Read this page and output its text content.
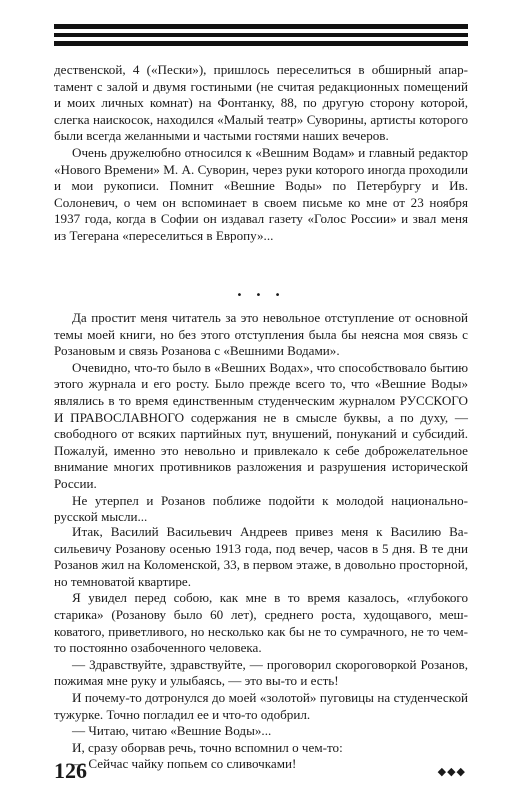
дественской, 4 («Пески»), пришлось переселиться в обширный апартамент с залой и двумя гостиными (не считая редакционных помещений и моих личных комнат) на Фонтанку, 88, по другую сторону которой, слегка наискосок, находился «Малый театр» Суворины, артисты которого были всегда желанными и частыми гостями наших вечеров.

Очень дружелюбно относился к «Вешним Водам» и главный редактор «Нового Времени» М. А. Суворин, через руки которого иногда проходили и мои рукописи. Помнит «Вешние Воды» по Петербургу и Ив. Солоневич, о чем он вспоминает в своем письме ко мне от 23 ноября 1937 года, когда в Софии он издавал газету «Голос России» и звал меня из Тегерана «переселиться в Европу»...

• • •

Да простит меня читатель за это невольное отступление от основной темы моей книги, но без этого отступления была бы неясна моя связь с Розановым и связь Розанова с «Вешними Водами».

Очевидно, что-то было в «Вешних Водах», что способствовало бытию этого журнала и его росту. Было прежде всего то, что «Вешние Воды» являлись в то время единственным студенческим журналом РУССКОГО И ПРАВОСЛАВНОГО содержания не в смысле буквы, а по духу, — свободного от всяких партийных пут, внушений, понуканий и субсидий. Пожалуй, именно это невольно и привлекало к себе доброжелательное внимание многих противников разложения и разрушения исторической России.

Не утерпел и Розанов поближе подойти к молодой национально-русской мысли...

Итак, Василий Васильевич Андреев привез меня к Василию Васильевичу Розанову осенью 1913 года, под вечер, часов в 5 дня. В те дни Розанов жил на Коломенской, 33, в первом этаже, в довольно просторной, но темноватой квартире.

Я увидел перед собою, как мне в то время казалось, «глубокого старика» (Розанову было 60 лет), среднего роста, худощавого, мешковатого, приветливого, но несколько как бы не то сумрачного, не то чем-то постоянно озабоченного человека.

— Здравствуйте, здравствуйте, — проговорил скороговоркой Розанов, пожимая мне руку и улыбаясь, — это вы-то и есть!

И почему-то дотронулся до моей «золотой» пуговицы на студенческой тужурке. Точно погладил ее и что-то одобрил.

— Читаю, читаю «Вешние Воды»...

И, сразу оборвав речь, точно вспомнил о чем-то:

— Сейчас чайку попьем со сливочками!

126	◆◆◆
